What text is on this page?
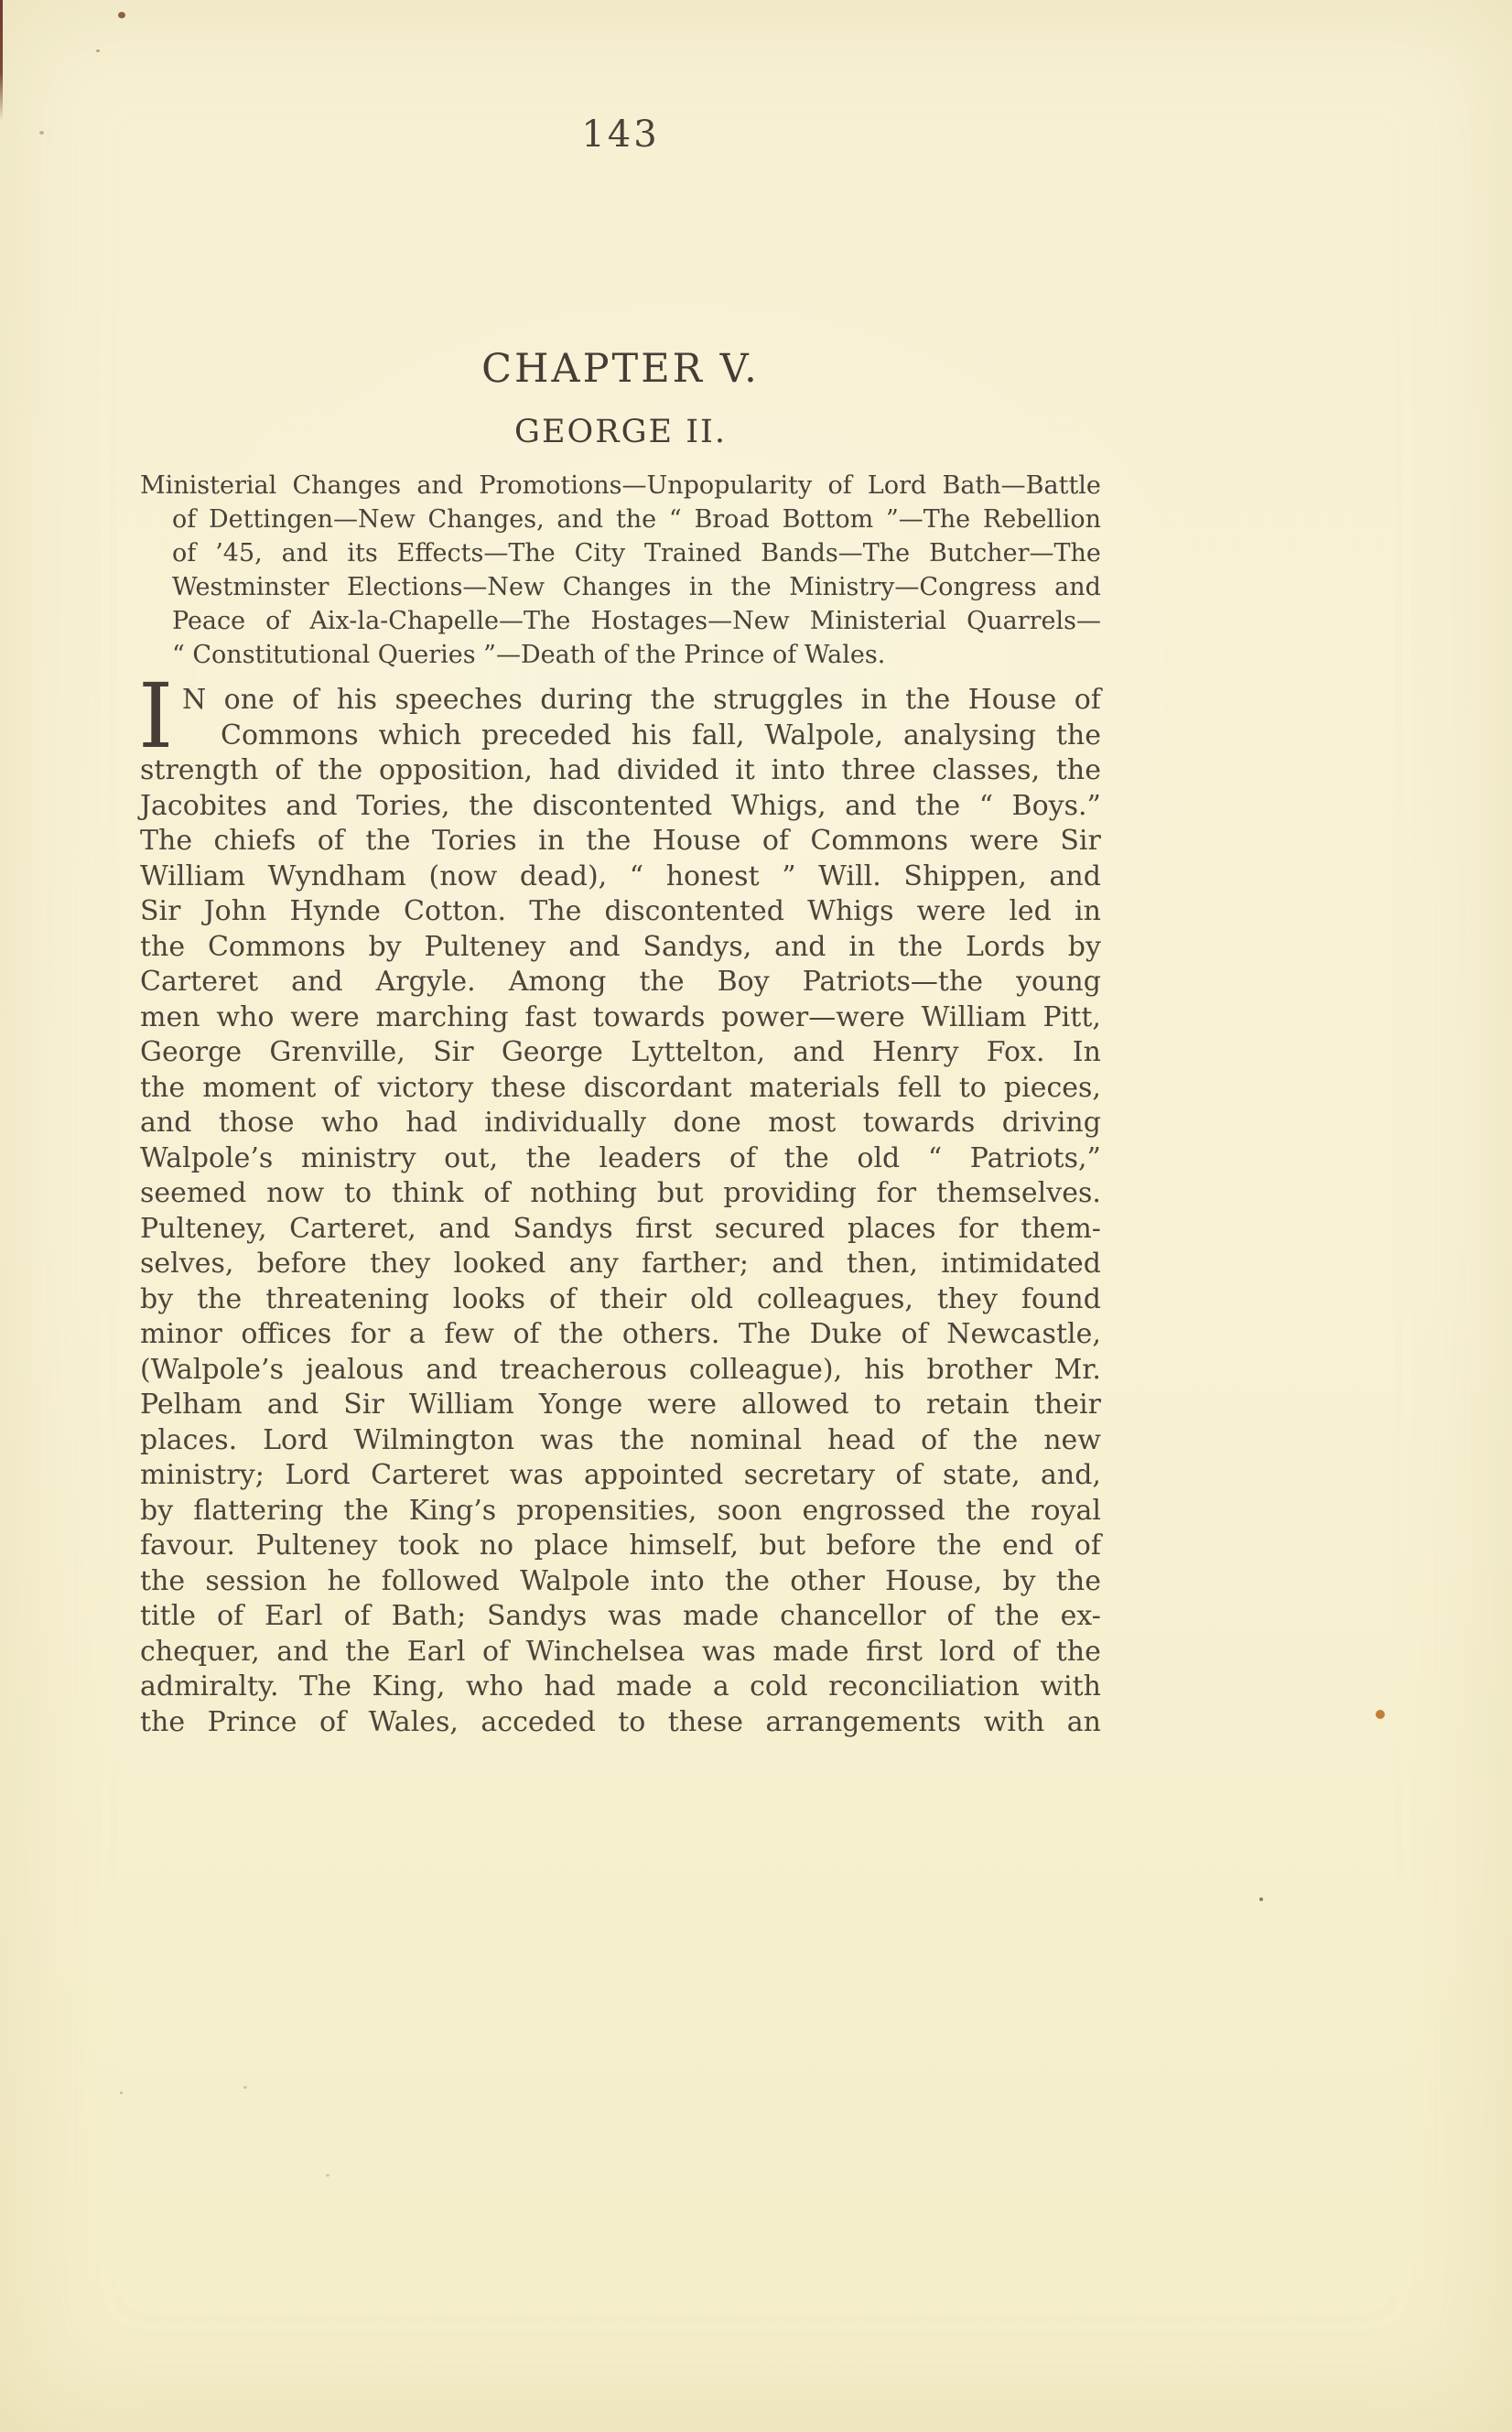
143
CHAPTER V.
GEORGE II.
Ministerial Changes and Promotions—Unpopularity of Lord Bath—Battle
of Dettingen—New Changes, and the “ Broad Bottom ”—The Rebellion
of ’45, and its Effects—The City Trained Bands—The Butcher—The
Westminster Elections—New Changes in the Ministry—Congress and
Peace of Aix-la-Chapelle—The Hostages—New Ministerial Quarrels—
“ Constitutional Queries ”—Death of the Prince of Wales.
I N one of his speeches during the struggles in the House of
Commons which preceded his fall, Walpole, analysing the
strength of the opposition, had divided it into three classes, the
Jacobites and Tories, the discontented Whigs, and the “ Boys.”
The chiefs of the Tories in the House of Commons were Sir
William Wyndham (now dead), “ honest ” Will. Shippen, and
Sir John Hynde Cotton. The discontented Whigs were led in
the Commons by Pulteney and Sandys, and in the Lords by
Carteret and Argyle. Among the Boy Patriots—the young
men who were marching fast towards power—were William Pitt,
George Grenville, Sir George Lyttelton, and Henry Fox. In
the moment of victory these discordant materials fell to pieces,
and those who had individually done most towards driving
Walpole’s ministry out, the leaders of the old “ Patriots,”
seemed now to think of nothing but providing for themselves.
Pulteney, Carteret, and Sandys first secured places for them-
selves, before they looked any farther; and then, intimidated
by the threatening looks of their old colleagues, they found
minor offices for a few of the others. The Duke of Newcastle,
(Walpole’s jealous and treacherous colleague), his brother Mr.
Pelham and Sir William Yonge were allowed to retain their
places. Lord Wilmington was the nominal head of the new
ministry; Lord Carteret was appointed secretary of state, and,
by flattering the King’s propensities, soon engrossed the royal
favour. Pulteney took no place himself, but before the end of
the session he followed Walpole into the other House, by the
title of Earl of Bath; Sandys was made chancellor of the ex-
chequer, and the Earl of Winchelsea was made first lord of the
admiralty. The King, who had made a cold reconciliation with
the Prince of Wales, acceded to these arrangements with an
